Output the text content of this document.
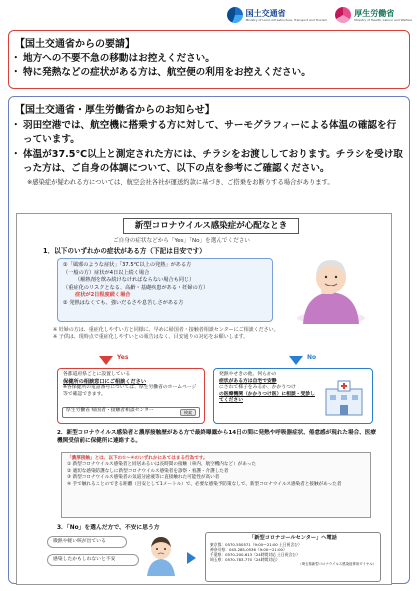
国土交通省
Ministry of Land, Infrastructure, Transport and Tourism
厚生労働省
Ministry of Health, Labour and Welfare
【国土交通省からの要請】
・ 地方への不要不急の移動はお控えください。
・ 特に発熱などの症状がある方は、航空便の利用をお控えください。
【国土交通省・厚生労働省からのお知らせ】
・ 羽田空港では、航空機に搭乗する方に対して、サーモグラフィーによる体温の確認を行っています。
・ 体温が37.5℃以上と測定された方には、チラシをお渡ししております。チラシを受け取った方は、ご自身の体調について、以下の点を参考にご確認ください。
※感染症が疑われる方については、航空会社各社が運送約款に基づき、ご搭乗をお断りする場合があります。
新型コロナウイルス感染症が心配なとき
ご自身の症状などから「Yes」「No」を選んでください
1．以下のいずれかの症状がある方（下記は目安です）
①「風邪のような症状」「37.5℃以上の発熱」がある方
（一般の方）症状が4日以上続く場合
（解熱剤を飲み続けなければならない場合も同じ）
（重症化のリスクとなる、高齢・基礎疾患がある・妊婦の方）
症状が2日程度続く場合
② 発熱はなくても、強いだるさや息苦しさがある方
※ 妊婦の方は、重症化しやすい方と同様に、早めに帰国者・接触者相談センターにご相談ください。
※ 子供は、現時点で重症化しやすいとの報告はなく、目安通りの対応をお願いします。
Yes	No
各都道府県ごとに設置している
保健所の相談窓口にご相談ください
※各保健所の電話番号については、厚生労働省のホームページ等で確認できます。
厚生労働省 帰国者・接触者相談センター	検索
発熱やせきの他、何らかの
症状がある方は自宅で安静
にされて様子をみるか、かかりつけ
の医療機関（かかりつけ医）に相談・受診してください
2．新型コロナウイルス感染者と濃厚接触歴がある方で最終曝露から14日の間に発熱や呼吸器症状、倦怠感が現れた場合、医療機関受信前に保健所に連絡する。
「濃厚接触」とは、以下の①～④のいずれかにあてはまる行為です。
① 新型コロナウイルス感染者と同居あるいは長時間の接触（車内、航空機内など）があった
② 適切な感染防護なしに新型コロナウイルス感染者を診察・看護・介護した者
③ 新型コロナウイルス感染者の気道分泌液等に直接触れた可能性が高い者
④ 手で触れることのできる距離（目安として1メートル）で、必要な感染予防策なしで、新型コロナウイルス感染者と接触があった者
3．「No」を選んだ方で、不安に思う方
微熱や軽い咳が出ている
感染したかもしれないと不安
「新型コロナコールセンター」へ電話
東京都：0570-550571（9:00～21:00 土日祝含む）
神奈川県：045-285-0536（9:00～21:00）
千葉県：0570-200-613（24時間対応 土日祝含む）
埼玉県：0570-783-770（24時間対応）
（埼玉県新型コロナウイルス感染症専用ダイヤル）
